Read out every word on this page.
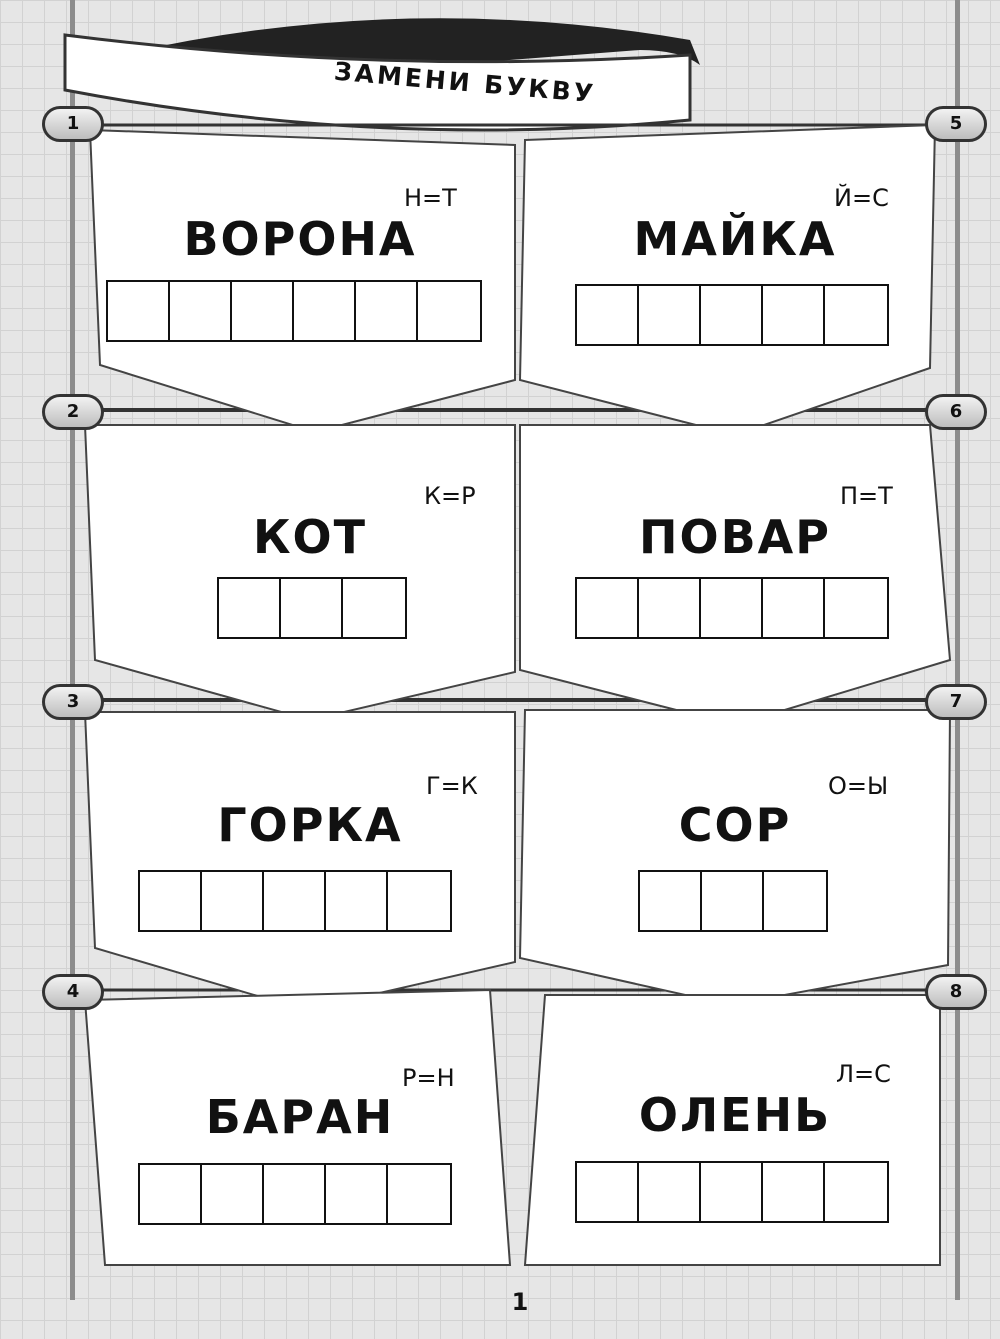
ЗАМЕНИ БУКВУ
1
2
3
4
5
6
7
8
Н=Т
ВОРОНА
К=Р
КОТ
Г=К
ГОРКА
Р=Н
БАРАН
Й=С
МАЙКА
П=Т
ПОВАР
О=Ы
СОР
Л=С
ОЛЕНЬ
1
